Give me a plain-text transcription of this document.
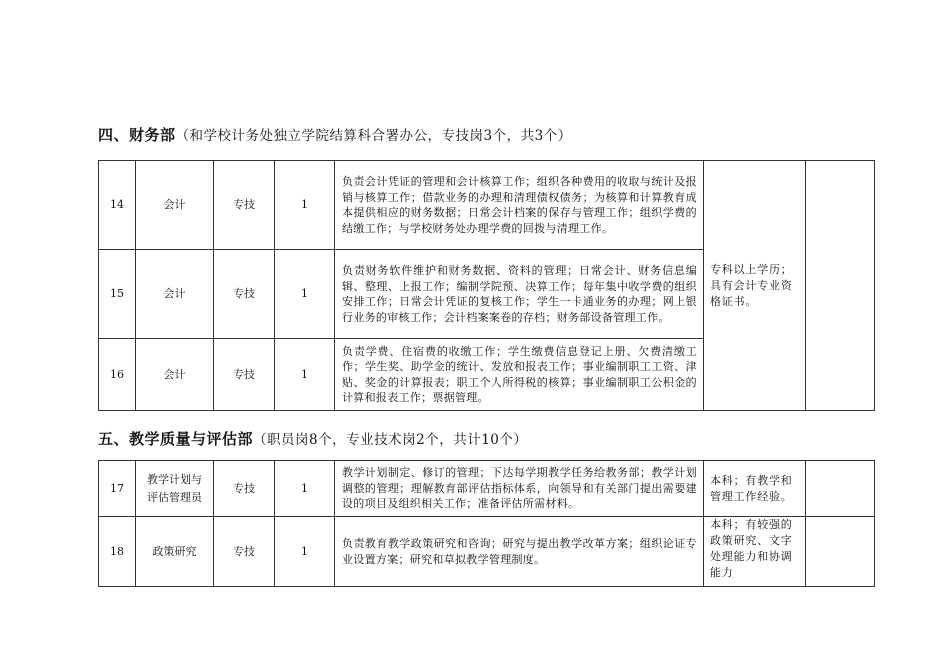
四、财务部（和学校计务处独立学院结算科合署办公，专技岗3个，共3个）
14	会计	专技	1	负责会计凭证的管理和会计核算工作；组织各种费用的收取与统计及报销与核算工作；借款业务的办理和清理债权债务；为核算和计算教育成本提供相应的财务数据；日常会计档案的保存与管理工作；组织学费的结缴工作；与学校财务处办理学费的回拨与清理工作。	专科以上学历；具有会计专业资格证书。	
15	会计	专技	1	负责财务软件维护和财务数据、资料的管理；日常会计、财务信息编辑、整理、上报工作；编制学院预、决算工作；每年集中收学费的组织安排工作；日常会计凭证的复核工作；学生一卡通业务的办理；网上银行业务的审核工作；会计档案案卷的存档；财务部设备管理工作。		
16	会计	专技	1	负责学费、住宿费的收缴工作；学生缴费信息登记上册、欠费清缴工作；学生奖、助学金的统计、发放和报表工作；事业编制职工工资、津贴、奖金的计算报表；职工个人所得税的核算；事业编制职工公积金的计算和报表工作；票据管理。		
五、教学质量与评估部（职员岗8个，专业技术岗2个，共计10个）
17	教学计划与评估管理员	专技	1	教学计划制定、修订的管理；下达每学期教学任务给教务部；教学计划调整的管理；理解教育部评估指标体系，向领导和有关部门提出需要建设的项目及组织相关工作；准备评估所需材料。	本科；有教学和管理工作经验。	
18	政策研究	专技	1	负责教育教学政策研究和咨询；研究与提出教学改革方案；组织论证专业设置方案；研究和草拟教学管理制度。	本科；有较强的政策研究、文字处理能力和协调能力	
